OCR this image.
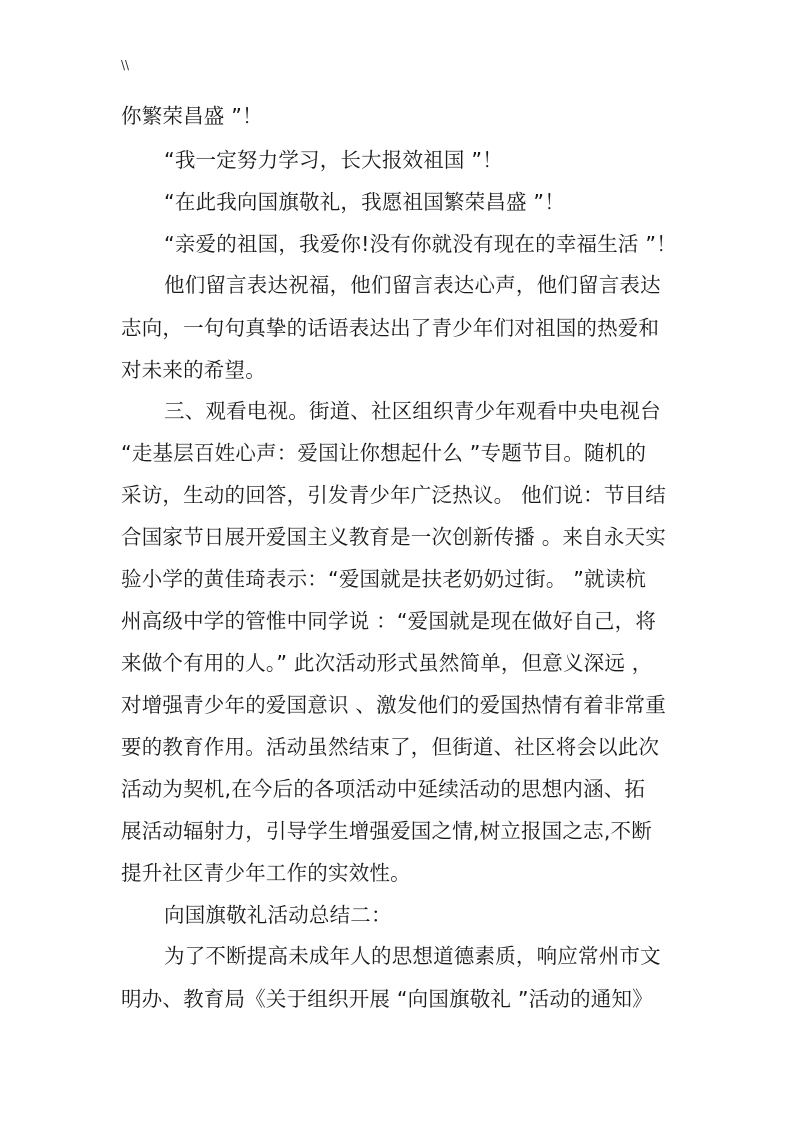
\\
你繁荣昌盛 ”！
“我一定努力学习，长大报效祖国 ”！
“在此我向国旗敬礼，我愿祖国繁荣昌盛 ”！
“亲爱的祖国，我爱你!没有你就没有现在的幸福生活 ”！
他们留言表达祝福，他们留言表达心声，他们留言表达
志向，一句句真挚的话语表达出了青少年们对祖国的热爱和
对未来的希望。
三、观看电视。街道、社区组织青少年观看中央电视台
“走基层百姓心声：爱国让你想起什么 ”专题节目。随机的
采访，生动的回答，引发青少年广泛热议。 他们说：节目结
合国家节日展开爱国主义教育是一次创新传播 。来自永天实
验小学的黄佳琦表示：“爱国就是扶老奶奶过街。 ”就读杭
州高级中学的管惟中同学说 ：“爱国就是现在做好自己，将
来做个有用的人。” 此次活动形式虽然简单，但意义深远 ，
对增强青少年的爱国意识 、激发他们的爱国热情有着非常重
要的教育作用。活动虽然结束了，但街道、社区将会以此次
活动为契机,在今后的各项活动中延续活动的思想内涵、拓
展活动辐射力，引导学生增强爱国之情,树立报国之志,不断
提升社区青少年工作的实效性。
向国旗敬礼活动总结二：
为了不断提高未成年人的思想道德素质，响应常州市文
明办、教育局《关于组织开展 “向国旗敬礼 ”活动的通知》
